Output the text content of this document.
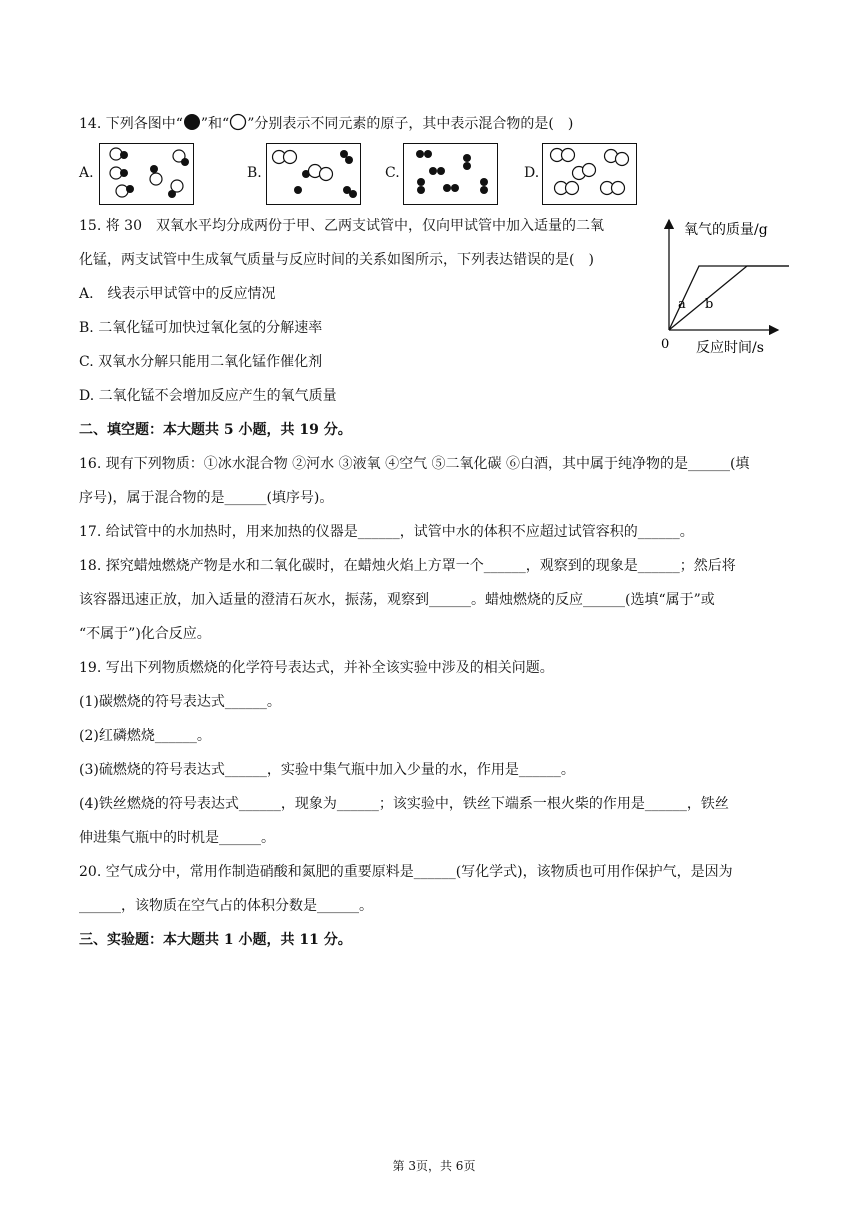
14. 下列各图中“ ”和“ ”分别表示不同元素的原子，其中表示混合物的是(　)
A.	B.	C.	D.
15. 将 30　双氧水平均分成两份于甲、乙两支试管中，仅向甲试管中加入适量的二氧
化锰，两支试管中生成氧气质量与反应时间的关系如图所示，下列表达错误的是(　)
A.　线表示甲试管中的反应情况
B. 二氧化锰可加快过氧化氢的分解速率
C. 双氧水分解只能用二氧化锰作催化剂
D. 二氧化锰不会增加反应产生的氧气质量
氧气的质量/g
反应时间/s
0
a b
二、填空题：本大题共 5 小题，共 19 分。
16. 现有下列物质：①冰水混合物 ②河水 ③液氧 ④空气 ⑤二氧化碳 ⑥白酒，其中属于纯净物的是______(填
序号)，属于混合物的是______(填序号)。
17. 给试管中的水加热时，用来加热的仪器是______，试管中水的体积不应超过试管容积的______。
18. 探究蜡烛燃烧产物是水和二氧化碳时，在蜡烛火焰上方罩一个______，观察到的现象是______；然后将
该容器迅速正放，加入适量的澄清石灰水，振荡，观察到______。蜡烛燃烧的反应______(选填“属于”或
“不属于”)化合反应。
19. 写出下列物质燃烧的化学符号表达式，并补全该实验中涉及的相关问题。
(1)碳燃烧的符号表达式______。
(2)红磷燃烧______。
(3)硫燃烧的符号表达式______，实验中集气瓶中加入少量的水，作用是______。
(4)铁丝燃烧的符号表达式______，现象为______；该实验中，铁丝下端系一根火柴的作用是______，铁丝
伸进集气瓶中的时机是______。
20. 空气成分中，常用作制造硝酸和氮肥的重要原料是______(写化学式)，该物质也可用作保护气，是因为
______，该物质在空气占的体积分数是______。
三、实验题：本大题共 1 小题，共 11 分。
第 3页，共 6页
